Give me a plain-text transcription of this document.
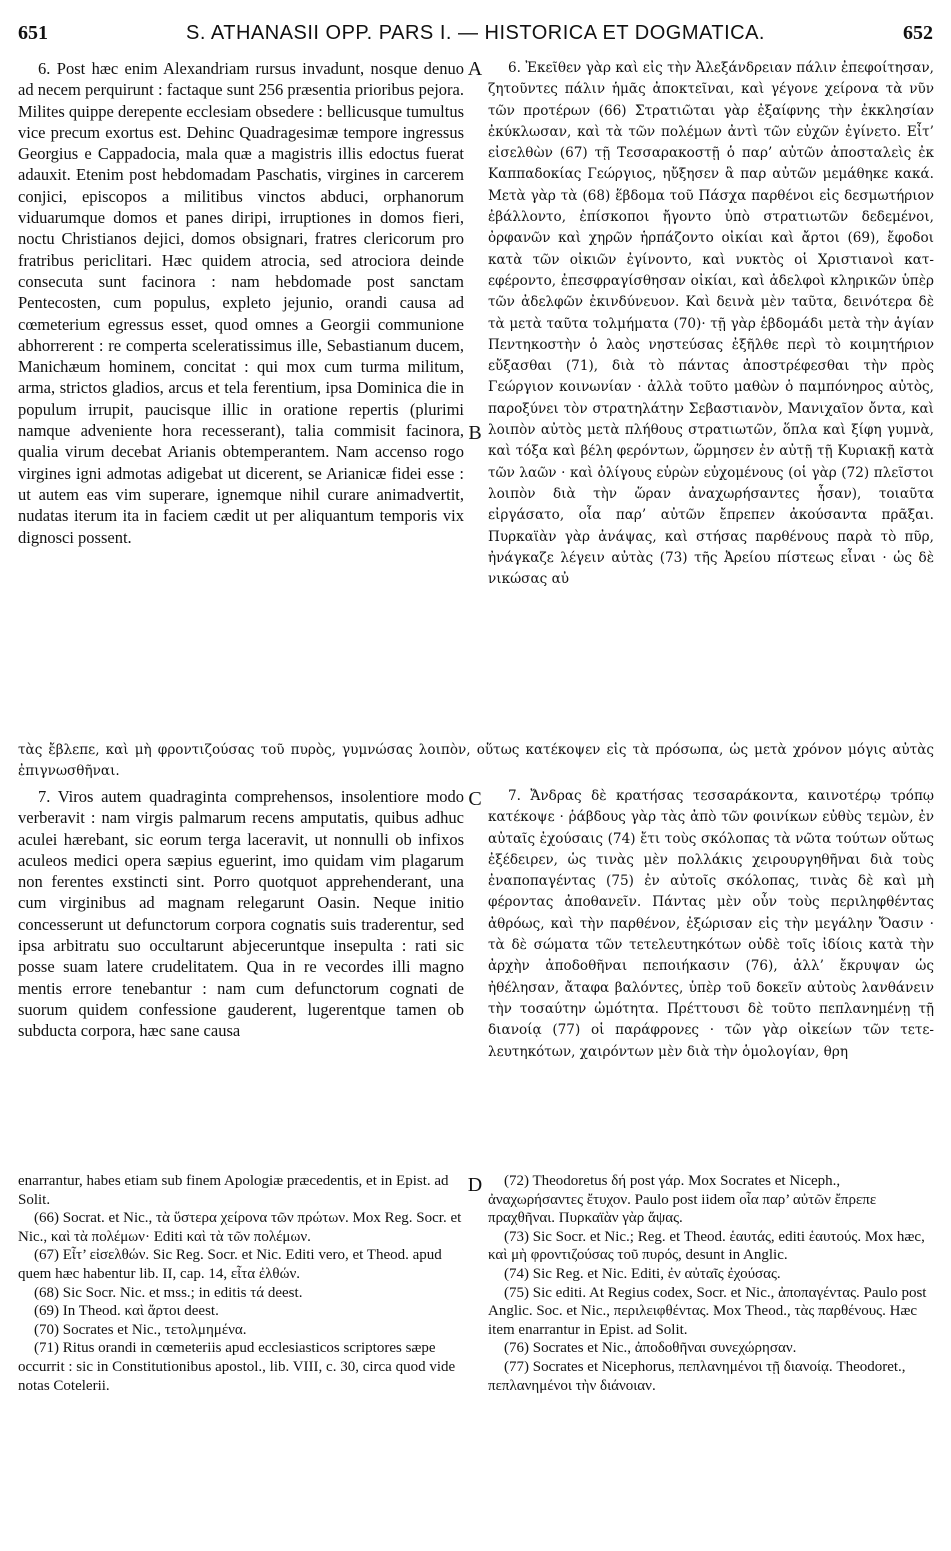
651	S. ATHANASII OPP. PARS I. — HISTORICA ET DOGMATICA.	652

6. Post hæc enim Alexandriam rursus invadunt, nosque denuo ad necem perquirunt : factaque sunt 256 præsentia prioribus pejora. Milites quippe derepente ecclesiam obsedere : bellicusque tumultus vice precum exortus est. Dehinc Quadragesimæ tempore ingressus Georgius e Cappadocia, mala quæ a magistris illis edoctus fuerat adauxit. Etenim post hebdomadam Paschatis, virgines in carcerem conjici, episcopos a militibus vinctos abduci, orphanorum viduarumque domos et panes diripi, irruptiones in domos fieri, noctu Christianos dejici, domos obsignari, fratres clericorum pro fratribus periclitari. Hæc quidem atrocia, sed atrociora deinde consecuta sunt facinora : nam hebdomade post sanctam Pentecosten, cum populus, expleto jejunio, orandi causa ad cœmeterium egressus esset, quod omnes a Georgii communione abhorrerent : re comperta sceleratissimus ille, Sebastianum ducem, Manichæum hominem, concitat : qui mox cum turma militum, arma, strictos gladios, arcus et tela ferentium, ipsa Dominica die in populum irrupit, paucisque illic in oratione repertis (plurimi namque adveniente hora recesserant), talia commisit facinora, qualia virum decebat Arianis obtemperantem. Nam accenso rogo virgines igni admotas adigebat ut dicerent, se Arianicæ fidei esse : ut autem eas vim superare, ignemque nihil curare animadvertit, nudatas iterum ita in faciem cædit ut per aliquantum temporis vix dignosci possent.

6. Ἐκεῖθεν γὰρ καὶ εἰς τὴν Ἀλεξάνδρειαν πάλιν ἐπεφοίτησαν, ζητοῦντες πάλιν ἡμᾶς ἀποκτεῖναι, καὶ γέγονε χείρονα τὰ νῦν τῶν προτέρων (66) Στρατιῶται γὰρ ἐξαίφνης τὴν ἐκκλησίαν ἐκύκλωσαν, καὶ τὰ τῶν πολέμων ἀντὶ τῶν εὐχῶν ἐγίνετο. Εἶτ’ εἰσελθὼν (67) τῇ Τεσσαρακοστῇ ὁ παρ’ αὐτῶν ἀποσταλεὶς ἐκ Καππαδοκίας Γεώργιος, ηὔξησεν ἃ παρ αὐτῶν μεμάθηκε κακά. Μετὰ γὰρ τὰ (68) ἕβδομα τοῦ Πάσχα παρθένοι εἰς δεσμωτήριον ἐβάλλοντο, ἐπίσκοποι ἤγοντο ὑπὸ στρατιωτῶν δεδεμένοι, ὀρφανῶν καὶ χηρῶν ἡρπάζοντο οἰκίαι καὶ ἄρτοι (69), ἔφοδοι κατὰ τῶν οἰκιῶν ἐγίνοντο, καὶ νυκτὸς οἱ Χριστιανοὶ κατεφέροντο, ἐπεσφραγίσθησαν οἰκίαι, καὶ ἀδελφοὶ κληρικῶν ὑπὲρ τῶν ἀδελφῶν ἐκινδύνευον. Καὶ δεινὰ μὲν ταῦτα, δεινότερα δὲ τὰ μετὰ ταῦτα τολμήματα (70)· τῇ γὰρ ἑβδομάδι μετὰ τὴν ἁγίαν Πεντηκοστὴν ὁ λαὸς νηστεύσας ἐξῆλθε περὶ τὸ κοιμητήριον εὔξασθαι (71), διὰ τὸ πάντας ἀποστρέφεσθαι τὴν πρὸς Γεώργιον κοινωνίαν · ἀλλὰ τοῦτο μαθὼν ὁ παμπόνηρος αὐτὸς, παροξύνει τὸν στρατηλάτην Σεβαστιανὸν, Μανιχαῖον ὄντα, καὶ λοιπὸν αὐτὸς μετὰ πλήθους στρατιωτῶν, ὅπλα καὶ ξίφη γυμνὰ, καὶ τόξα καὶ βέλη φερόντων, ὥρμησεν ἐν αὐτῇ τῇ Κυριακῇ κατὰ τῶν λαῶν · καὶ ὀλίγους εὑρὼν εὐχομένους (οἱ γὰρ (72) πλεῖστοι λοιπὸν διὰ τὴν ὥραν ἀναχωρήσαντες ἦσαν), τοιαῦτα εἰργάσατο, οἷα παρ’ αὐτῶν ἔπρεπεν ἀκούσαντα πρᾶξαι. Πυρκαϊὰν γὰρ ἀνάψας, καὶ στήσας παρθένους παρὰ τὸ πῦρ, ἠνάγκαζε λέγειν αὐτὰς (73) τῆς Ἀρείου πίστεως εἶναι · ὡς δὲ νικώσας αὐ

τὰς ἔβλεπε, καὶ μὴ φροντιζούσας τοῦ πυρὸς, γυμνώσας λοιπὸν, οὕτως κατέκοψεν εἰς τὰ πρόσωπα, ὡς μετὰ χρόνον μόγις αὐτὰς ἐπιγνωσθῆναι.

7. Viros autem quadraginta comprehensos, insolentiore modo verberavit : nam virgis palmarum recens amputatis, quibus adhuc aculei hærebant, sic eorum terga laceravit, ut nonnulli ob infixos aculeos medici opera sæpius eguerint, imo quidam vim plagarum non ferentes exstincti sint. Porro quotquot apprehenderant, una cum virginibus ad magnam relegarunt Oasin. Neque initio concesserunt ut defunctorum corpora cognatis suis traderentur, sed ipsa arbitratu suo occultarunt abjeceruntque insepulta : rati sic posse suam latere crudelitatem. Qua in re vecordes illi magno mentis errore tenebantur : nam cum defunctorum cognati de suorum quidem confessione gauderent, lugerentque tamen ob subducta corpora, hæc sane causa

7. Ἄνδρας δὲ κρατήσας τεσσαράκοντα, καινοτέρῳ τρόπῳ κατέκοψε · ῥάβδους γὰρ τὰς ἀπὸ τῶν φοινίκων εὐθὺς τεμὼν, ἐν αὐταῖς ἐχούσαις (74) ἔτι τοὺς σκόλοπας τὰ νῶτα τούτων οὕτως ἐξέδειρεν, ὡς τινὰς μὲν πολλάκις χειρουργηθῆναι διὰ τοὺς ἐναποπαγέντας (75) ἐν αὐτοῖς σκόλοπας, τινὰς δὲ καὶ μὴ φέροντας ἀποθανεῖν. Πάντας μὲν οὖν τοὺς περιληφθέντας ἀθρόως, καὶ τὴν παρθένον, ἐξώρισαν εἰς τὴν μεγάλην Ὄασιν · τὰ δὲ σώματα τῶν τετελευτηκότων οὐδὲ τοῖς ἰδίοις κατὰ τὴν ἀρχὴν ἀποδοθῆναι πεποιήκασιν (76), ἀλλ’ ἔκρυψαν ὡς ἠθέλησαν, ἄταφα βαλόντες, ὑπὲρ τοῦ δοκεῖν αὐτοὺς λανθάνειν τὴν τοσαύτην ὠμότητα. Πρέττουσι δὲ τοῦτο πεπλανημένῃ τῇ διανοίᾳ (77) οἱ παράφρονες · τῶν γὰρ οἰκείων τῶν τετελευτηκότων, χαιρόντων μὲν διὰ τὴν ὁμολογίαν, θρη

A
B
C
D

enarrantur, habes etiam sub finem Apologiæ præcedentis, et in Epist. ad Solit.

(66) Socrat. et Nic., τὰ ὕστερα χείρονα τῶν πρώτων. Mox Reg. Socr. et Nic., καὶ τὰ πολέμων· Editi καὶ τὰ τῶν πολέμων.

(67) Εἶτ’ εἰσελθών. Sic Reg. Socr. et Nic. Editi vero, et Theod. apud quem hæc habentur lib. II, cap. 14, εἶτα ἐλθών.

(68) Sic Socr. Nic. et mss.; in editis τά deest.

(69) In Theod. καὶ ἄρτοι deest.

(70) Socrates et Nic., τετολμημένα.

(71) Ritus orandi in cœmeteriis apud ecclesiasticos scriptores sæpe occurrit : sic in Constitutionibus apostol., lib. VIII, c. 30, circa quod vide notas Cotelerii.

(72) Theodoretus δή post γάρ. Mox Socrates et Niceph., ἀναχωρήσαντες ἔτυχον. Paulo post iidem οἷα παρ’ αὐτῶν ἔπρεπε πραχθῆναι. Πυρκαϊὰν γὰρ ἅψας.

(73) Sic Socr. et Nic.; Reg. et Theod. ἑαυτάς, editi ἑαυτούς. Mox hæc, καὶ μὴ φροντιζούσας τοῦ πυρός, desunt in Anglic.

(74) Sic Reg. et Nic. Editi, ἐν αὐταῖς ἐχούσας.

(75) Sic editi. At Regius codex, Socr. et Nic., ἀποπαγέντας. Paulo post Anglic. Soc. et Nic., περιλειφθέντας. Mox Theod., τὰς παρθένους. Hæc item enarrantur in Epist. ad Solit.

(76) Socrates et Nic., ἀποδοθῆναι συνεχώρησαν.

(77) Socrates et Nicephorus, πεπλανημένοι τῇ διανοίᾳ. Theodoret., πεπλανημένοι τὴν διάνοιαν.
